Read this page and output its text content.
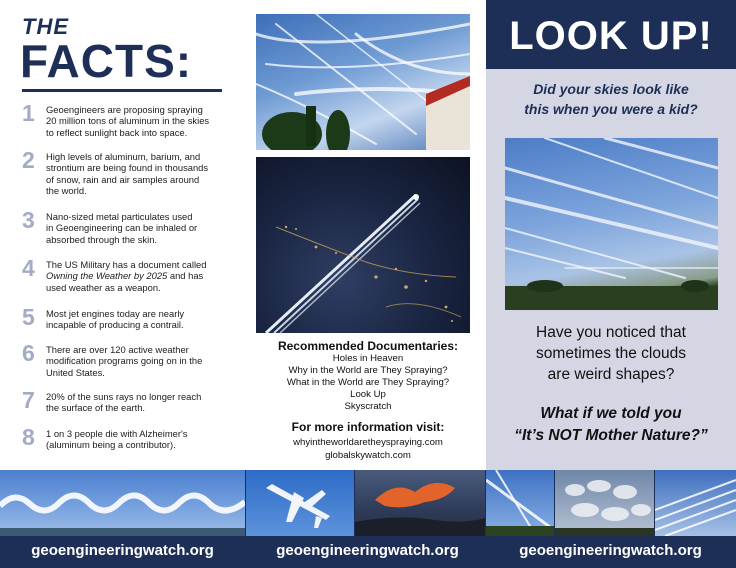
THE
FACTS:
1	Geoengineers are proposing spraying
20 million tons of aluminum in the skies
to reflect sunlight back into space.
2	High levels of aluminum, barium, and
strontium are being found in thousands
of snow, rain and air samples around
the world.
3	Nano-sized metal particulates used
in Geoengineering can be inhaled or
absorbed through the skin.
4	The US Military has a document called
Owning the Weather by 2025 and has
used weather as a weapon.
5	Most jet engines today are nearly
incapable of producing a contrail.
6	There are over 120 active weather
modification programs going on in the
United States.
7	20% of the suns rays no longer reach
the surface of the earth.
8	1 on 3 people die with Alzheimer's
(aluminum being a contributor).
Recommended Documentaries:
Holes in Heaven
Why in the World are They Spraying?
What in the World are They Spraying?
Look Up
Skyscratch
For more information visit:
whyintheworldaretheyspraying.com
globalskywatch.com
LOOK UP!
Did your skies look like
this when you were a kid?
Have you noticed that
sometimes the clouds
are weird shapes?
What if we told you
“It’s NOT Mother Nature?”
geoengineeringwatch.org	geoengineeringwatch.org	geoengineeringwatch.org
